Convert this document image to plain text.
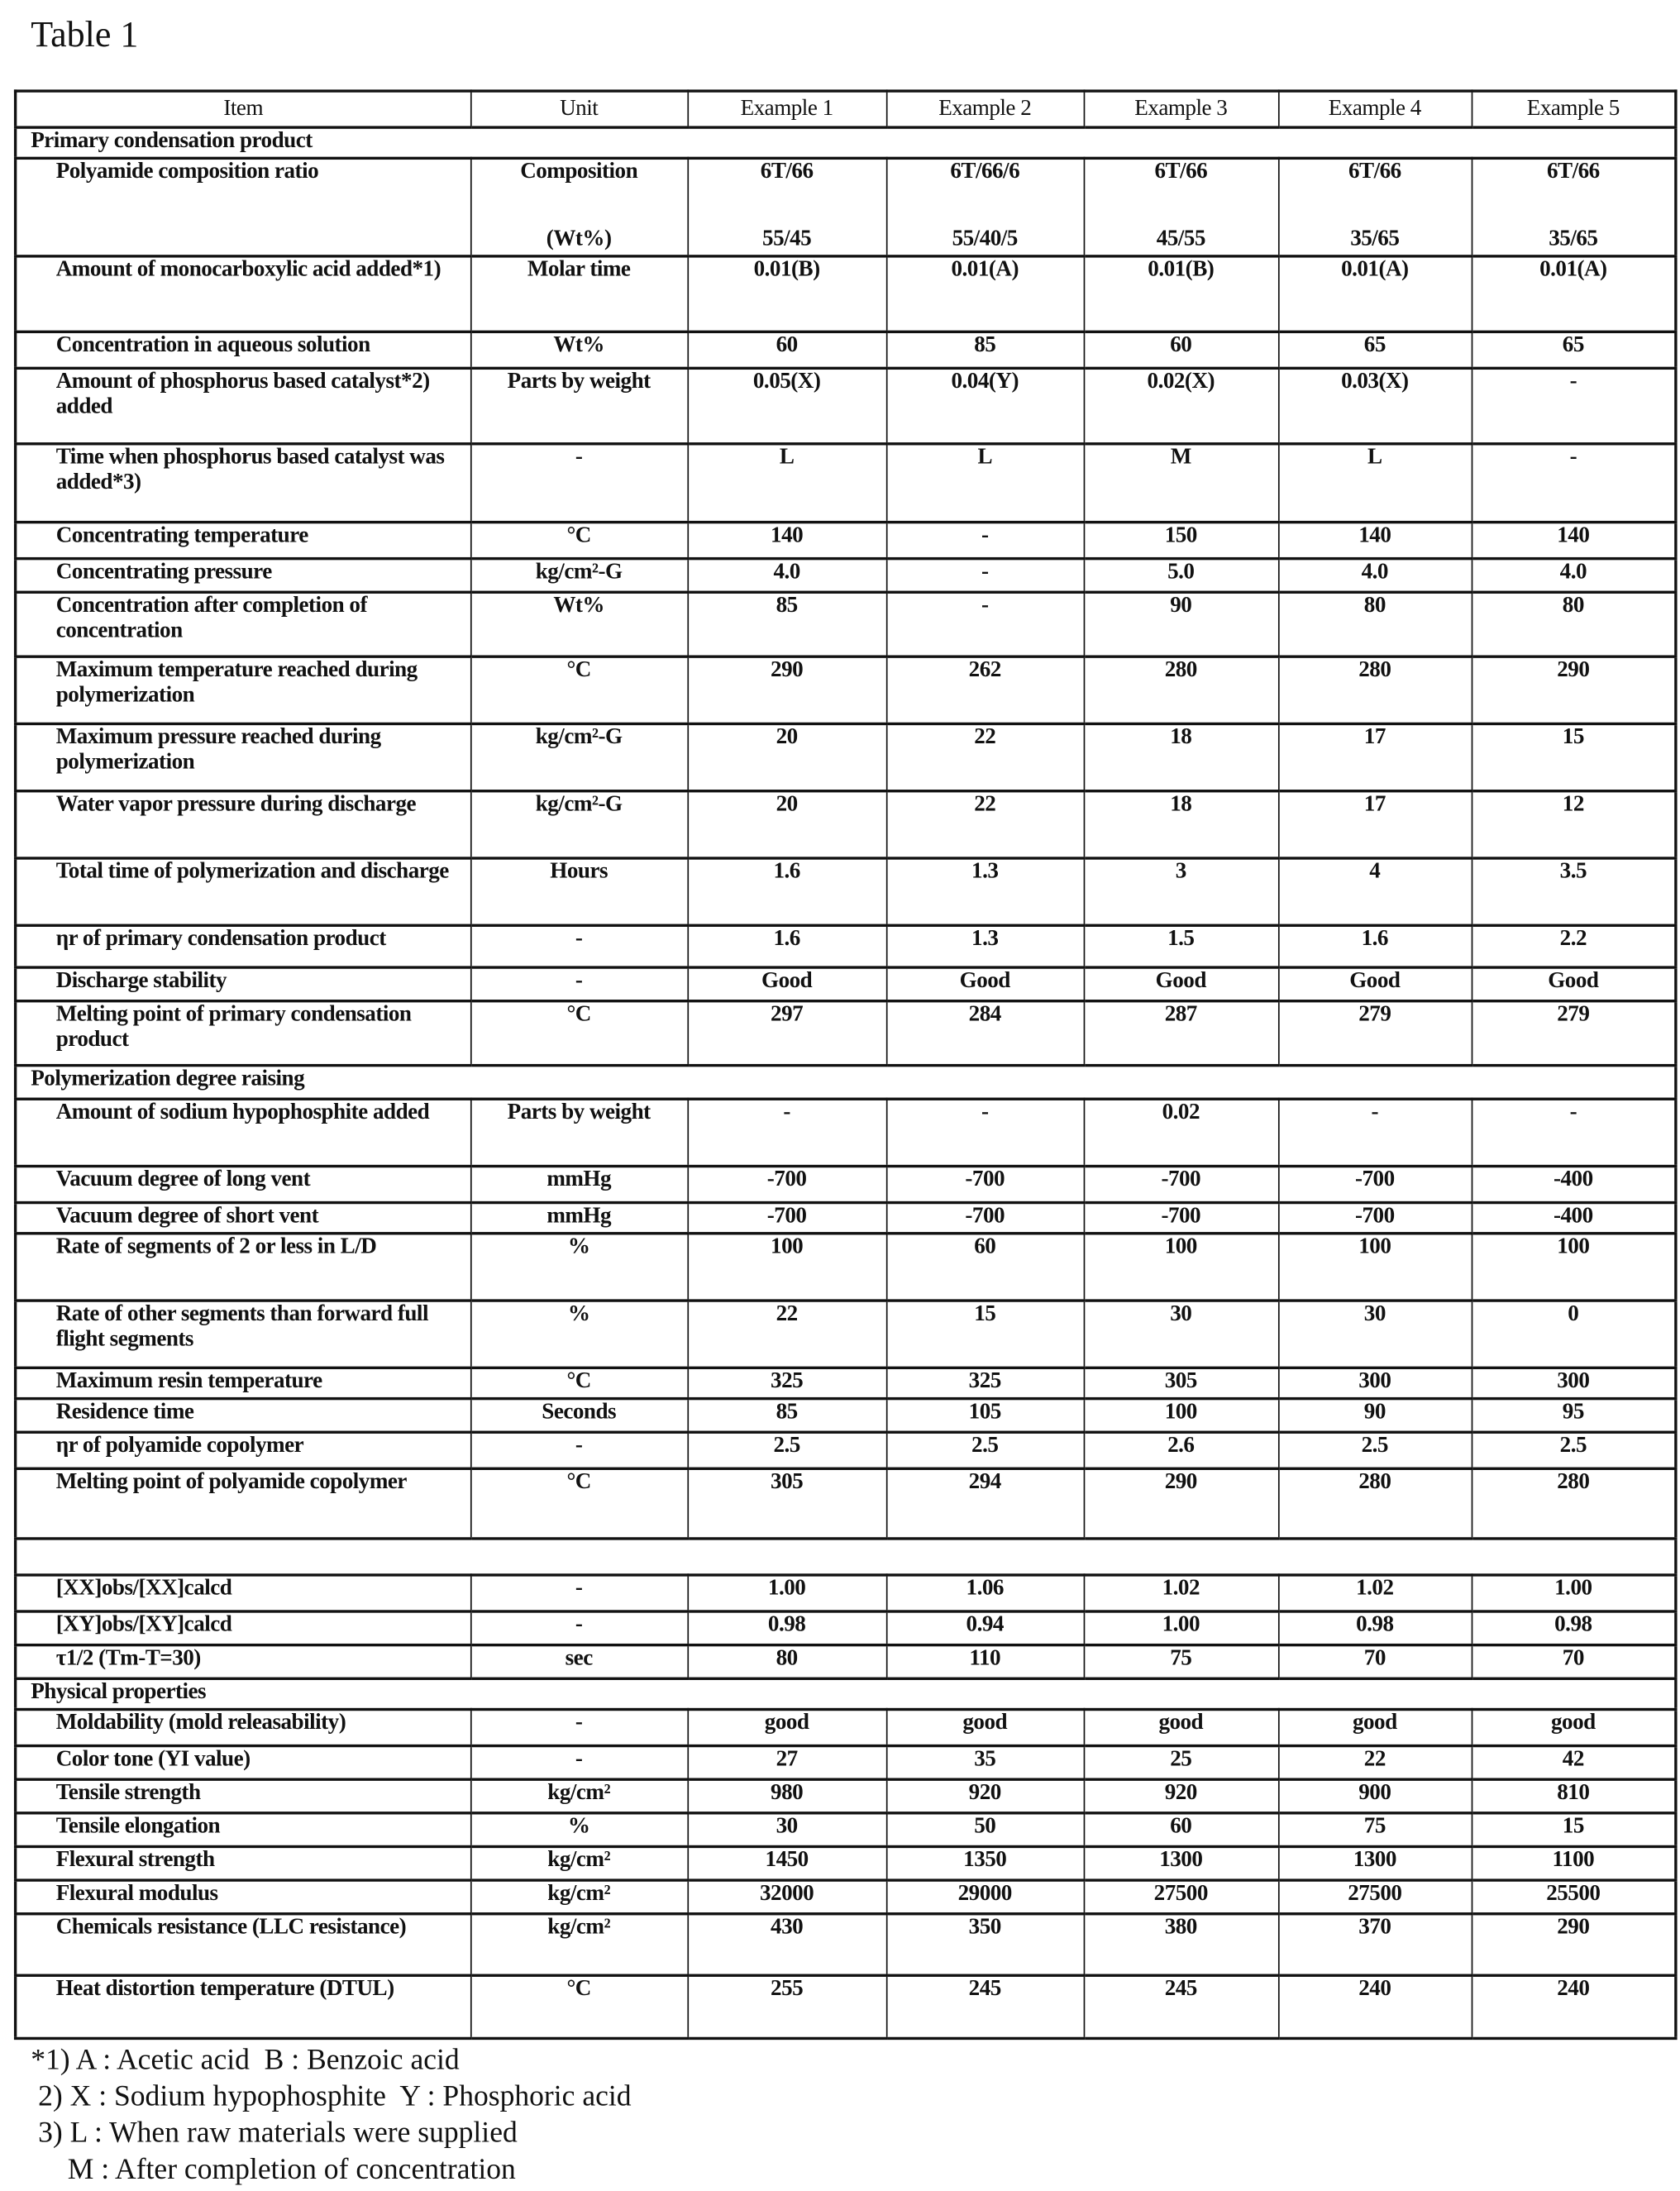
Table 1
Item	Unit	Example 1	Example 2	Example 3	Example 4	Example 5
Primary condensation product
Polyamide composition ratio	Composition
(Wt%)

6T/66
55/45

6T/66/6
55/40/5

6T/66
45/55

6T/66
35/65

6T/66
35/65

Amount of monocarboxylic acid added*1)	Molar time	0.01(B)	0.01(A)	0.01(B)	0.01(A)	0.01(A)
Concentration in aqueous solution	Wt%	60	85	60	65	65
Amount of phosphorus based catalyst*2) added	Parts by weight	0.05(X)	0.04(Y)	0.02(X)	0.03(X)	-
Time when phosphorus based catalyst was added*3)	-	L	L	M	L	-
Concentrating temperature	°C	140	-	150	140	140
Concentrating pressure	kg/cm²-G	4.0	-	5.0	4.0	4.0
Concentration after completion of concentration	Wt%	85	-	90	80	80
Maximum temperature reached during polymerization	°C	290	262	280	280	290
Maximum pressure reached during polymerization	kg/cm²-G	20	22	18	17	15
Water vapor pressure during discharge	kg/cm²-G	20	22	18	17	12
Total time of polymerization and discharge	Hours	1.6	1.3	3	4	3.5
ηr of primary condensation product	-	1.6	1.3	1.5	1.6	2.2
Discharge stability	-	Good	Good	Good	Good	Good
Melting point of primary condensation product	°C	297	284	287	279	279
Polymerization degree raising
Amount of sodium hypophosphite added	Parts by weight	-	-	0.02	-	-
Vacuum degree of long vent	mmHg	-700	-700	-700	-700	-400
Vacuum degree of short vent	mmHg	-700	-700	-700	-700	-400
Rate of segments of 2 or less in L/D	%	100	60	100	100	100
Rate of other segments than forward full flight segments	%	22	15	30	30	0
Maximum resin temperature	°C	325	325	305	300	300
Residence time	Seconds	85	105	100	90	95
ηr of polyamide copolymer	-	2.5	2.5	2.6	2.5	2.5
Melting point of polyamide copolymer	°C	305	294	290	280	280

[XX]obs/[XX]calcd	-	1.00	1.06	1.02	1.02	1.00
[XY]obs/[XY]calcd	-	0.98	0.94	1.00	0.98	0.98
τ1/2 (Tm-T=30)	sec	80	110	75	70	70
Physical properties
Moldability (mold releasability)	-	good	good	good	good	good
Color tone (YI value)	-	27	35	25	22	42
Tensile strength	kg/cm²	980	920	920	900	810
Tensile elongation	%	30	50	60	75	15
Flexural strength	kg/cm²	1450	1350	1300	1300	1100
Flexural modulus	kg/cm²	32000	29000	27500	27500	25500
Chemicals resistance (LLC resistance)	kg/cm²	430	350	380	370	290
Heat distortion temperature (DTUL)	°C	255	245	245	240	240
*1) A : Acetic acid  B : Benzoic acid
2) X : Sodium hypophosphite  Y : Phosphoric acid
3) L : When raw materials were supplied
M : After completion of concentration
